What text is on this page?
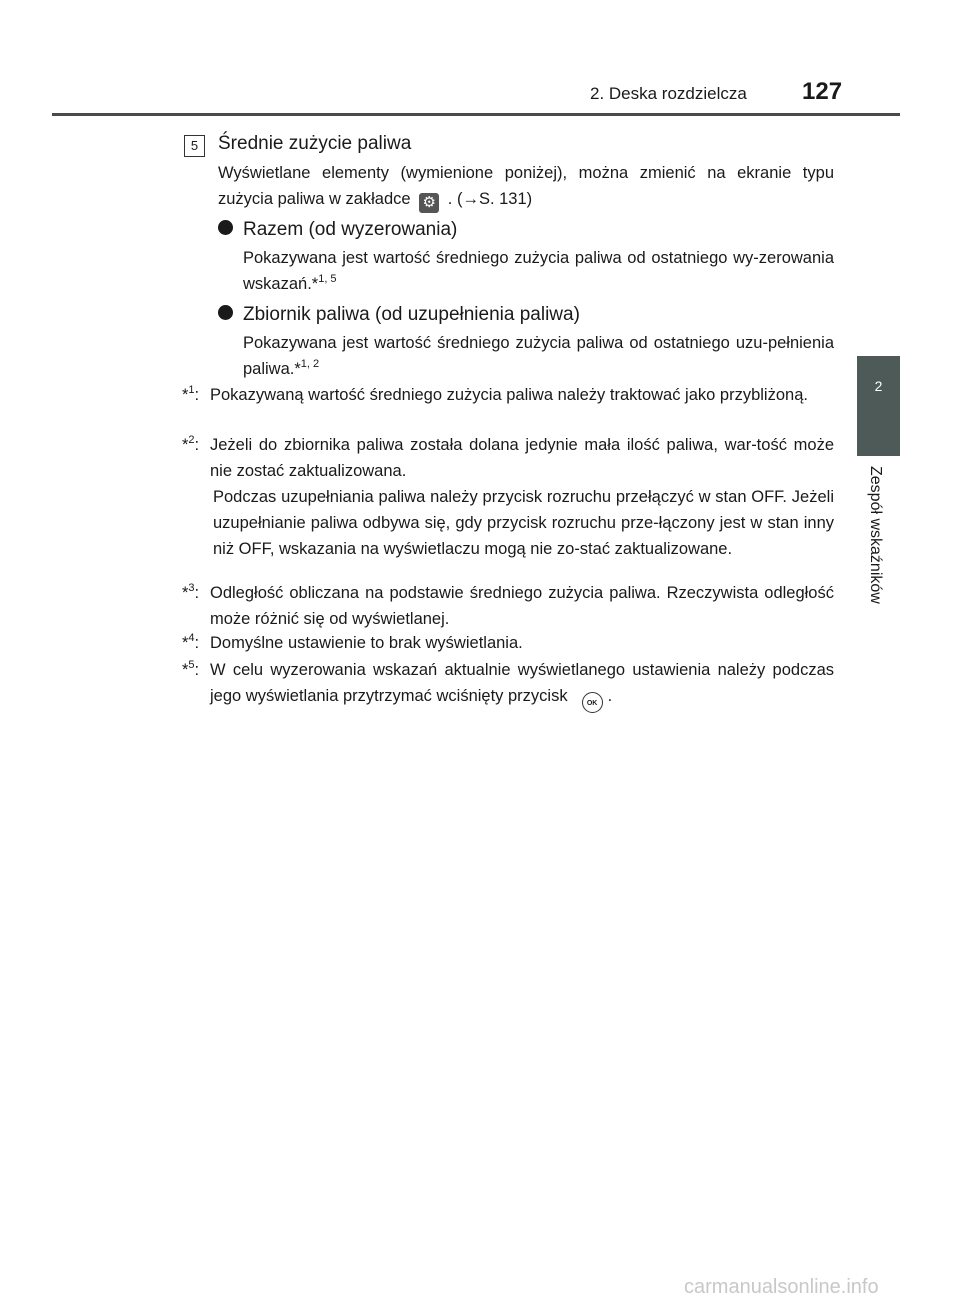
2. Deska rozdzielcza 127
2
Zespół wskaźników
5	Średnie zużycie paliwa
Wyświetlane elementy (wymienione poniżej), można zmienić na ekranie typu zużycia paliwa w zakładce ⚙ . (→S. 131)
Razem (od wyzerowania)
Pokazywana jest wartość średniego zużycia paliwa od ostatniego wy-zerowania wskazań.*$^{1, 5}$
Zbiornik paliwa (od uzupełnienia paliwa)
Pokazywana jest wartość średniego zużycia paliwa od ostatniego uzu-pełnienia paliwa.*$^{1, 2}$
*$^1$: Pokazywaną wartość średniego zużycia paliwa należy traktować jako przybliżoną.
*$^2$: Jeżeli do zbiornika paliwa została dolana jedynie mała ilość paliwa, war-tość może nie zostać zaktualizowana.
Podczas uzupełniania paliwa należy przycisk rozruchu przełączyć w stan OFF. Jeżeli uzupełnianie paliwa odbywa się, gdy przycisk rozruchu prze-łączony jest w stan inny niż OFF, wskazania na wyświetlaczu mogą nie zo-stać zaktualizowane.
*$^3$: Odległość obliczana na podstawie średniego zużycia paliwa. Rzeczywista odległość może różnić się od wyświetlanej.
*$^4$: Domyślne ustawienie to brak wyświetlania.
*$^5$: W celu wyzerowania wskazań aktualnie wyświetlanego ustawienia należy podczas jego wyświetlania przytrzymać wciśnięty przycisk	OK .
carmanualsonline.info
